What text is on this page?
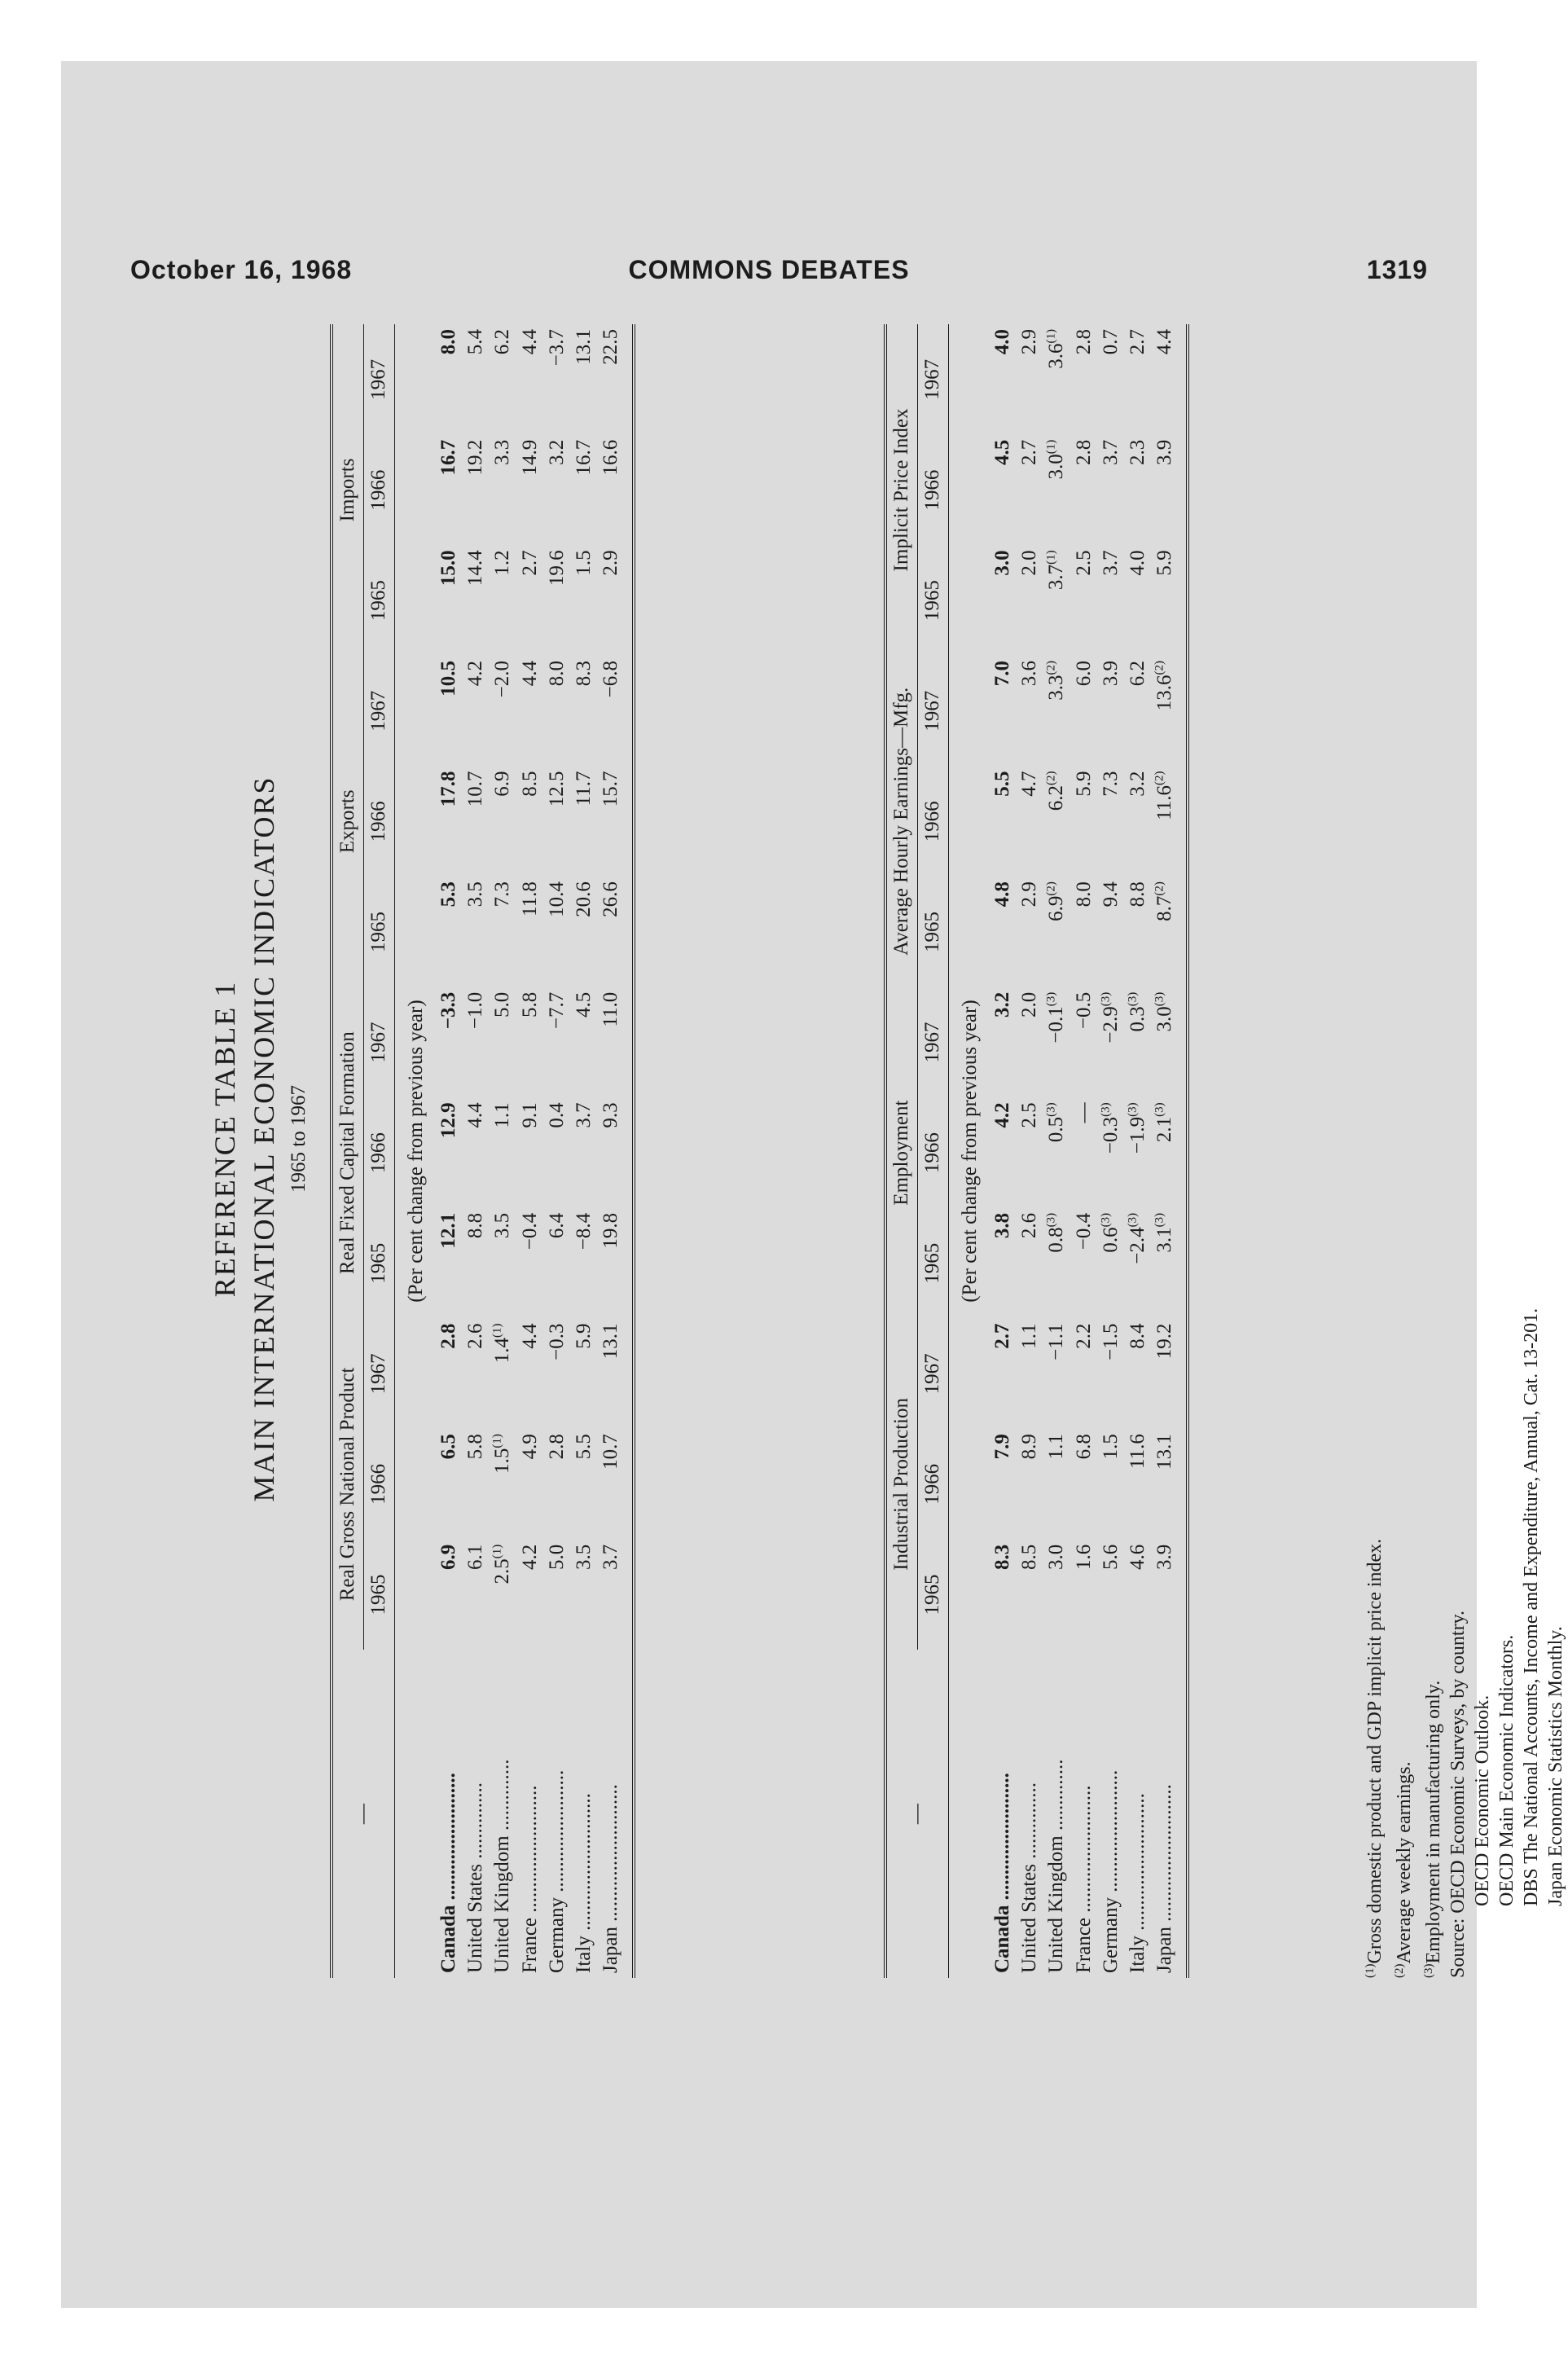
October 16, 1968	COMMONS DEBATES	1319
REFERENCE TABLE 1 MAIN INTERNATIONAL ECONOMIC INDICATORS 1965 to 1967
—	Real Gross National Product			Real Fixed Capital Formation			Exports			Imports		
	1965	1966	1967	1965	1966	1967	1965	1966	1967	1965	1966	1967
(Per cent change from previous year)												
Canada .........................	6.9	6.5	2.8	12.1	12.9	−3.3	5.3	17.8	10.5	15.0	16.7	8.0
United States ...............	6.1	5.8	2.6	8.8	4.4	−1.0	3.5	10.7	4.2	14.4	19.2	5.4
United Kingdom ..............	2.5$^{(1)}$	1.5$^{(1)}$	1.4$^{(1)}$	3.5	1.1	5.0	7.3	6.9	−2.0	1.2	3.3	6.2
France .........................	4.2	4.9	4.4	−0.4	9.1	5.8	11.8	8.5	4.4	2.7	14.9	4.4
Germany ........................	5.0	2.8	−0.3	6.4	0.4	−7.7	10.4	12.5	8.0	19.6	3.2	−3.7
Italy ...........................	3.5	5.5	5.9	−8.4	3.7	4.5	20.6	11.7	8.3	1.5	16.7	13.1
Japan ...........................	3.7	10.7	13.1	19.8	9.3	11.0	26.6	15.7	−6.8	2.9	16.6	22.5
—	Industrial Production			Employment			Average Hourly Earnings—Mfg.			Implicit Price Index		
	1965	1966	1967	1965	1966	1967	1965	1966	1967	1965	1966	1967
(Per cent change from previous year)												
Canada .........................	8.3	7.9	2.7	3.8	4.2	3.2	4.8	5.5	7.0	3.0	4.5	4.0
United States ...............	8.5	8.9	1.1	2.6	2.5	2.0	2.9	4.7	3.6	2.0	2.7	2.9
United Kingdom ..............	3.0	1.1	−1.1	0.8$^{(3)}$	$0.5^{(3)}$	$-0.1^{(3)}$	6.9$^{(2)}$	6.2$^{(2)}$	3.3$^{(2)}$	3.7$^{(1)}$	3.0$^{(1)}$	3.6$^{(1)}$
France .........................	1.6	6.8	2.2	−0.4	—	−0.5	8.0	5.9	6.0	2.5	2.8	2.8
Germany ........................	5.6	1.5	−1.5	$0.6^{(3)}$	$-0.3^{(3)}$	$-2.9^{(3)}$	9.4	7.3	3.9	3.7	3.7	0.7
Italy ...........................	4.6	11.6	8.4	$-2.4^{(3)}$	$-1.9^{(3)}$	0.3$^{(3)}$	8.8	3.2	6.2	4.0	2.3	2.7
Japan ...........................	3.9	13.1	19.2	3.1$^{(3)}$	2.1$^{(3)}$	3.0$^{(3)}$	8.7$^{(2)}$	11.6$^{(2)}$	13.6$^{(2)}$	5.9	3.9	4.4
$^{(1)}$Gross domestic product and GDP implicit price index.
$^{(2)}$Average weekly earnings.
$^{(3)}$Employment in manufacturing only. Source: OECD Economic Surveys, by country. OECD Economic Outlook. OECD Main Economic Indicators. DBS The National Accounts, Income and Expenditure, Annual, Cat. 13-201. Japan Economic Statistics Monthly.
